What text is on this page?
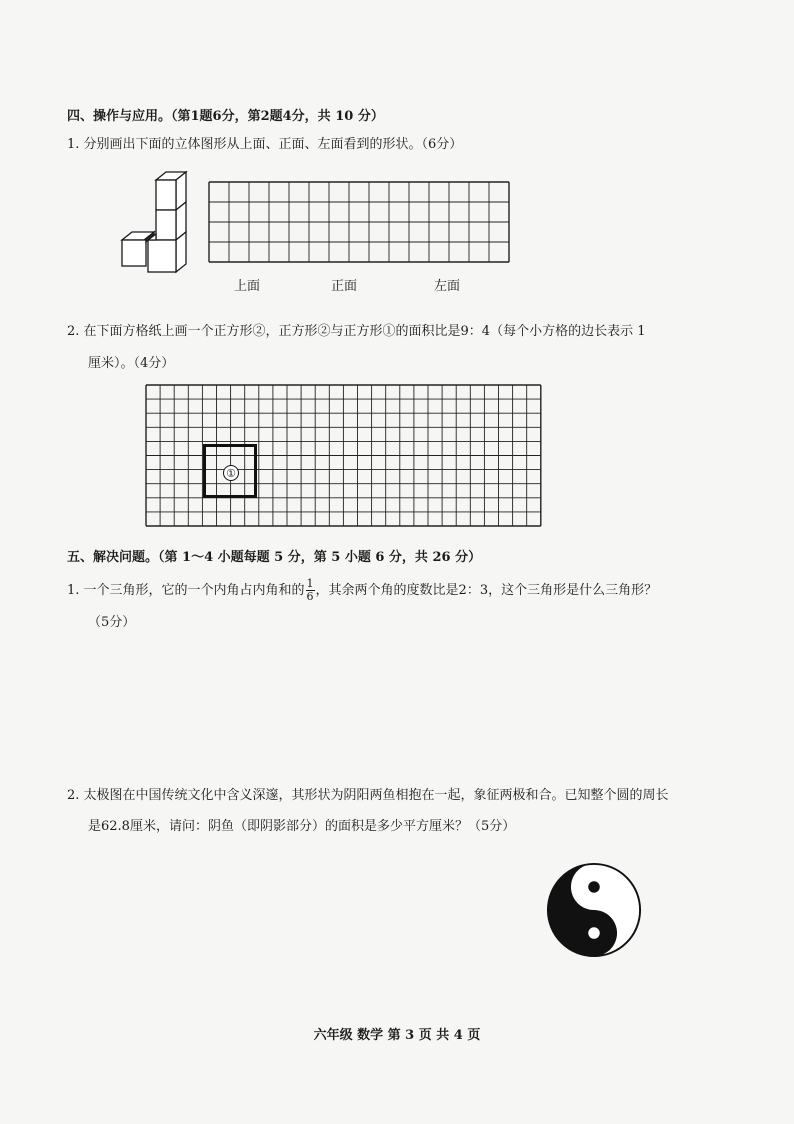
四、操作与应用。（第1题6分，第2题4分，共 10 分）
1. 分别画出下面的立体图形从上面、正面、左面看到的形状。（6分）
上面	正面	左面
2. 在下面方格纸上画一个正方形②，正方形②与正方形①的面积比是9：4（每个小方格的边长表示 1
厘米）。（4分）
①
五、解决问题。（第 1～4 小题每题 5 分，第 5 小题 6 分，共 26 分）
1. 一个三角形，它的一个内角占内角和的 $\frac{1}{6}$ ，其余两个角的度数比是2：3，这个三角形是什么三角形？
（5分）
2. 太极图在中国传统文化中含义深邃，其形状为阴阳两鱼相抱在一起，象征两极和合。已知整个圆的周长
是62.8厘米，请问：阴鱼（即阴影部分）的面积是多少平方厘米？（5分）
六年级 数学 第 3 页 共 4 页
